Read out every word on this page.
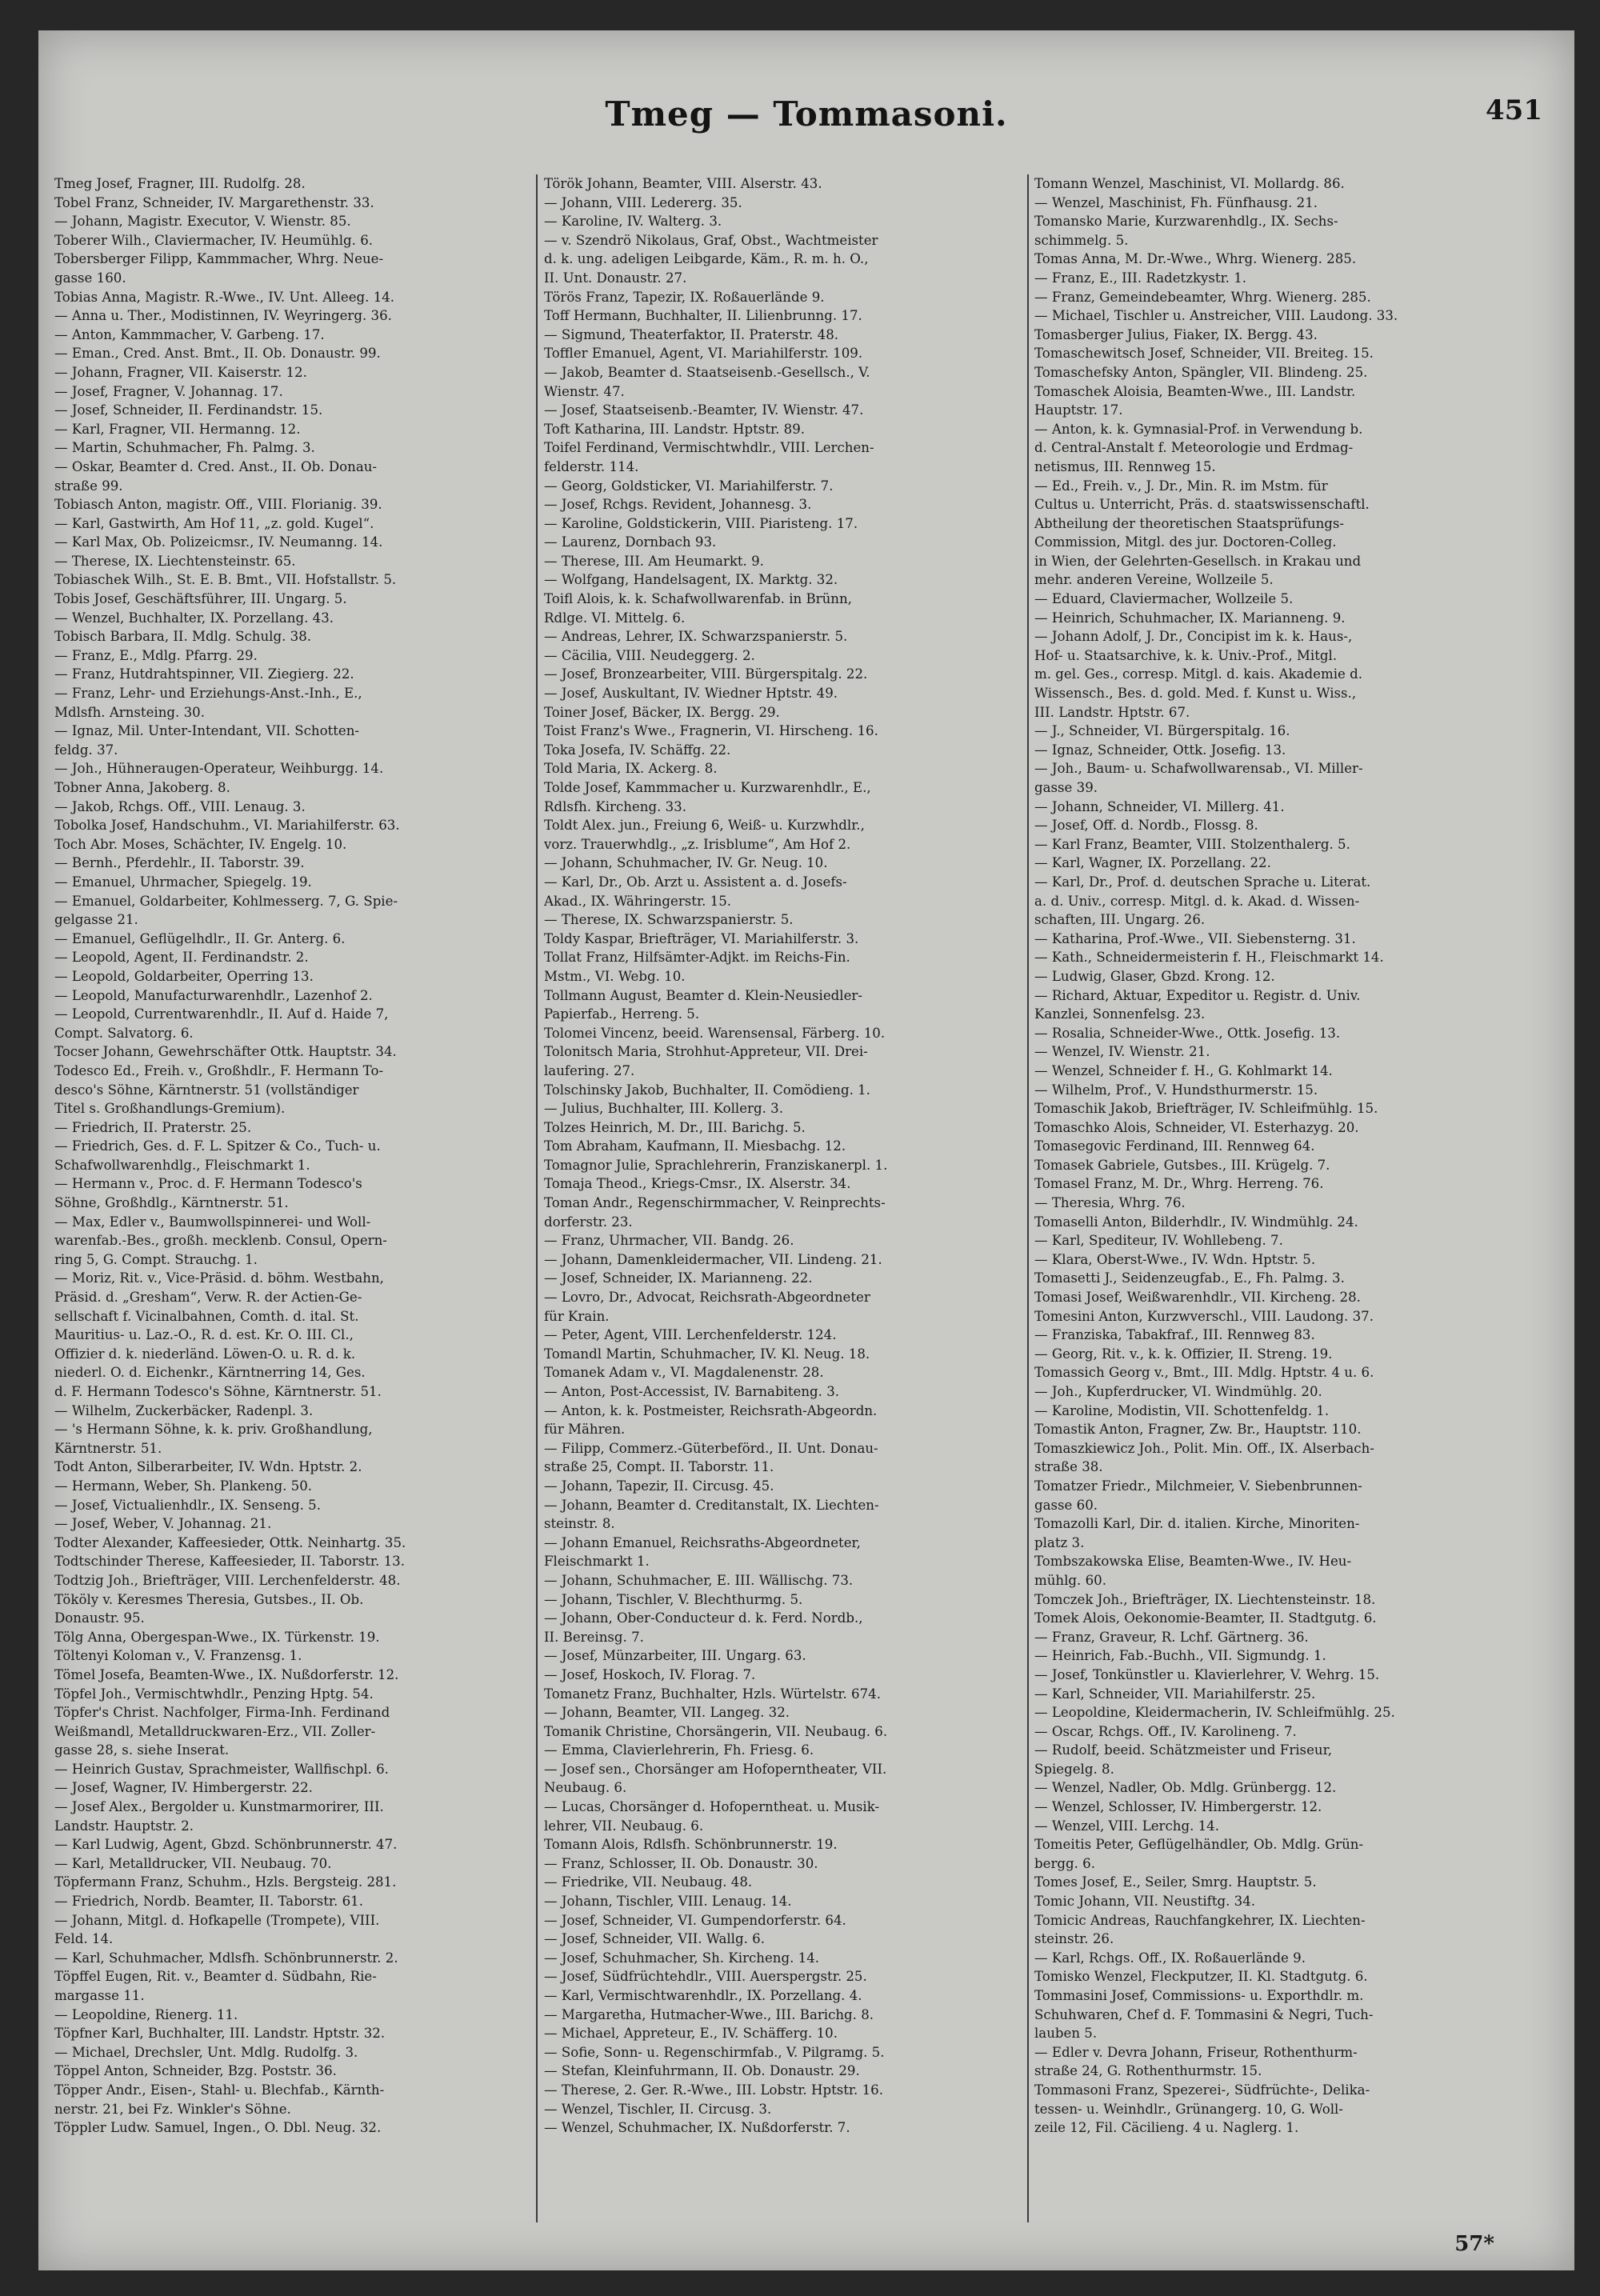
Tmeg — Tommasoni.	451
Tmeg Josef, Fragner, III. Rudolfg. 28.
Tobel Franz, Schneider, IV. Margarethenstr. 33.
— Johann, Magistr. Executor, V. Wienstr. 85.
Toberer Wilh., Claviermacher, IV. Heumühlg. 6.
Tobersberger Filipp, Kammmacher, Whrg. Neue-
gasse 160.
Tobias Anna, Magistr. R.-Wwe., IV. Unt. Alleeg. 14.
— Anna u. Ther., Modistinnen, IV. Weyringerg. 36.
— Anton, Kammmacher, V. Garbeng. 17.
— Eman., Cred. Anst. Bmt., II. Ob. Donaustr. 99.
— Johann, Fragner, VII. Kaiserstr. 12.
— Josef, Fragner, V. Johannag. 17.
— Josef, Schneider, II. Ferdinandstr. 15.
— Karl, Fragner, VII. Hermanng. 12.
— Martin, Schuhmacher, Fh. Palmg. 3.
— Oskar, Beamter d. Cred. Anst., II. Ob. Donau-
straße 99.
Tobiasch Anton, magistr. Off., VIII. Florianig. 39.
— Karl, Gastwirth, Am Hof 11, „z. gold. Kugel“.
— Karl Max, Ob. Polizeicmsr., IV. Neumanng. 14.
— Therese, IX. Liechtensteinstr. 65.
Tobiaschek Wilh., St. E. B. Bmt., VII. Hofstallstr. 5.
Tobis Josef, Geschäftsführer, III. Ungarg. 5.
— Wenzel, Buchhalter, IX. Porzellang. 43.
Tobisch Barbara, II. Mdlg. Schulg. 38.
— Franz, E., Mdlg. Pfarrg. 29.
— Franz, Hutdrahtspinner, VII. Ziegierg. 22.
— Franz, Lehr- und Erziehungs-Anst.-Inh., E.,
Mdlsfh. Arnsteing. 30.
— Ignaz, Mil. Unter-Intendant, VII. Schotten-
feldg. 37.
— Joh., Hühneraugen-Operateur, Weihburgg. 14.
Tobner Anna, Jakoberg. 8.
— Jakob, Rchgs. Off., VIII. Lenaug. 3.
Tobolka Josef, Handschuhm., VI. Mariahilferstr. 63.
Toch Abr. Moses, Schächter, IV. Engelg. 10.
— Bernh., Pferdehlr., II. Taborstr. 39.
— Emanuel, Uhrmacher, Spiegelg. 19.
— Emanuel, Goldarbeiter, Kohlmesserg. 7, G. Spie-
gelgasse 21.
— Emanuel, Geflügelhdlr., II. Gr. Anterg. 6.
— Leopold, Agent, II. Ferdinandstr. 2.
— Leopold, Goldarbeiter, Operring 13.
— Leopold, Manufacturwarenhdlr., Lazenhof 2.
— Leopold, Currentwarenhdlr., II. Auf d. Haide 7,
Compt. Salvatorg. 6.
Tocser Johann, Gewehrschäfter Ottk. Hauptstr. 34.
Todesco Ed., Freih. v., Großhdlr., F. Hermann To-
desco's Söhne, Kärntnerstr. 51 (vollständiger
Titel s. Großhandlungs-Gremium).
— Friedrich, II. Praterstr. 25.
— Friedrich, Ges. d. F. L. Spitzer & Co., Tuch- u.
Schafwollwarenhdlg., Fleischmarkt 1.
— Hermann v., Proc. d. F. Hermann Todesco's
Söhne, Großhdlg., Kärntnerstr. 51.
— Max, Edler v., Baumwollspinnerei- und Woll-
warenfab.-Bes., großh. mecklenb. Consul, Opern-
ring 5, G. Compt. Strauchg. 1.
— Moriz, Rit. v., Vice-Präsid. d. böhm. Westbahn,
Präsid. d. „Gresham“, Verw. R. der Actien-Ge-
sellschaft f. Vicinalbahnen, Comth. d. ital. St.
Mauritius- u. Laz.-O., R. d. est. Kr. O. III. Cl.,
Offizier d. k. niederländ. Löwen-O. u. R. d. k.
niederl. O. d. Eichenkr., Kärntnerring 14, Ges.
d. F. Hermann Todesco's Söhne, Kärntnerstr. 51.
— Wilhelm, Zuckerbäcker, Radenpl. 3.
— 's Hermann Söhne, k. k. priv. Großhandlung,
Kärntnerstr. 51.
Todt Anton, Silberarbeiter, IV. Wdn. Hptstr. 2.
— Hermann, Weber, Sh. Plankeng. 50.
— Josef, Victualienhdlr., IX. Senseng. 5.
— Josef, Weber, V. Johannag. 21.
Todter Alexander, Kaffeesieder, Ottk. Neinhartg. 35.
Todtschinder Therese, Kaffeesieder, II. Taborstr. 13.
Todtzig Joh., Briefträger, VIII. Lerchenfelderstr. 48.
Tököly v. Keresmes Theresia, Gutsbes., II. Ob.
Donaustr. 95.
Tölg Anna, Obergespan-Wwe., IX. Türkenstr. 19.
Töltenyi Koloman v., V. Franzensg. 1.
Tömel Josefa, Beamten-Wwe., IX. Nußdorferstr. 12.
Töpfel Joh., Vermischtwhdlr., Penzing Hptg. 54.
Töpfer's Christ. Nachfolger, Firma-Inh. Ferdinand
Weißmandl, Metalldruckwaren-Erz., VII. Zoller-
gasse 28, s. siehe Inserat.
— Heinrich Gustav, Sprachmeister, Wallfischpl. 6.
— Josef, Wagner, IV. Himbergerstr. 22.
— Josef Alex., Bergolder u. Kunstmarmorirer, III.
Landstr. Hauptstr. 2.
— Karl Ludwig, Agent, Gbzd. Schönbrunnerstr. 47.
— Karl, Metalldrucker, VII. Neubaug. 70.
Töpfermann Franz, Schuhm., Hzls. Bergsteig. 281.
— Friedrich, Nordb. Beamter, II. Taborstr. 61.
— Johann, Mitgl. d. Hofkapelle (Trompete), VIII.
Feld. 14.
— Karl, Schuhmacher, Mdlsfh. Schönbrunnerstr. 2.
Töpffel Eugen, Rit. v., Beamter d. Südbahn, Rie-
margasse 11.
— Leopoldine, Rienerg. 11.
Töpfner Karl, Buchhalter, III. Landstr. Hptstr. 32.
— Michael, Drechsler, Unt. Mdlg. Rudolfg. 3.
Töppel Anton, Schneider, Bzg. Poststr. 36.
Töpper Andr., Eisen-, Stahl- u. Blechfab., Kärnth-
nerstr. 21, bei Fz. Winkler's Söhne.
Töppler Ludw. Samuel, Ingen., O. Dbl. Neug. 32.
Török Johann, Beamter, VIII. Alserstr. 43.
— Johann, VIII. Ledererg. 35.
— Karoline, IV. Walterg. 3.
— v. Szendrö Nikolaus, Graf, Obst., Wachtmeister
d. k. ung. adeligen Leibgarde, Käm., R. m. h. O.,
II. Unt. Donaustr. 27.
Törös Franz, Tapezir, IX. Roßauerlände 9.
Toff Hermann, Buchhalter, II. Lilienbrunng. 17.
— Sigmund, Theaterfaktor, II. Praterstr. 48.
Toffler Emanuel, Agent, VI. Mariahilferstr. 109.
— Jakob, Beamter d. Staatseisenb.-Gesellsch., V.
Wienstr. 47.
— Josef, Staatseisenb.-Beamter, IV. Wienstr. 47.
Toft Katharina, III. Landstr. Hptstr. 89.
Toifel Ferdinand, Vermischtwhdlr., VIII. Lerchen-
felderstr. 114.
— Georg, Goldsticker, VI. Mariahilferstr. 7.
— Josef, Rchgs. Revident, Johannesg. 3.
— Karoline, Goldstickerin, VIII. Piaristeng. 17.
— Laurenz, Dornbach 93.
— Therese, III. Am Heumarkt. 9.
— Wolfgang, Handelsagent, IX. Marktg. 32.
Toifl Alois, k. k. Schafwollwarenfab. in Brünn,
Rdlge. VI. Mittelg. 6.
— Andreas, Lehrer, IX. Schwarzspanierstr. 5.
— Cäcilia, VIII. Neudeggerg. 2.
— Josef, Bronzearbeiter, VIII. Bürgerspitalg. 22.
— Josef, Auskultant, IV. Wiedner Hptstr. 49.
Toiner Josef, Bäcker, IX. Bergg. 29.
Toist Franz's Wwe., Fragnerin, VI. Hirscheng. 16.
Toka Josefa, IV. Schäffg. 22.
Told Maria, IX. Ackerg. 8.
Tolde Josef, Kammmacher u. Kurzwarenhdlr., E.,
Rdlsfh. Kircheng. 33.
Toldt Alex. jun., Freiung 6, Weiß- u. Kurzwhdlr.,
vorz. Trauerwhdlg., „z. Irisblume“, Am Hof 2.
— Johann, Schuhmacher, IV. Gr. Neug. 10.
— Karl, Dr., Ob. Arzt u. Assistent a. d. Josefs-
Akad., IX. Währingerstr. 15.
— Therese, IX. Schwarzspanierstr. 5.
Toldy Kaspar, Briefträger, VI. Mariahilferstr. 3.
Tollat Franz, Hilfsämter-Adjkt. im Reichs-Fin.
Mstm., VI. Webg. 10.
Tollmann August, Beamter d. Klein-Neusiedler-
Papierfab., Herreng. 5.
Tolomei Vincenz, beeid. Warensensal, Färberg. 10.
Tolonitsch Maria, Strohhut-Appreteur, VII. Drei-
laufering. 27.
Tolschinsky Jakob, Buchhalter, II. Comödieng. 1.
— Julius, Buchhalter, III. Kollerg. 3.
Tolzes Heinrich, M. Dr., III. Barichg. 5.
Tom Abraham, Kaufmann, II. Miesbachg. 12.
Tomagnor Julie, Sprachlehrerin, Franziskanerpl. 1.
Tomaja Theod., Kriegs-Cmsr., IX. Alserstr. 34.
Toman Andr., Regenschirmmacher, V. Reinprechts-
dorferstr. 23.
— Franz, Uhrmacher, VII. Bandg. 26.
— Johann, Damenkleidermacher, VII. Lindeng. 21.
— Josef, Schneider, IX. Marianneng. 22.
— Lovro, Dr., Advocat, Reichsrath-Abgeordneter
für Krain.
— Peter, Agent, VIII. Lerchenfelderstr. 124.
Tomandl Martin, Schuhmacher, IV. Kl. Neug. 18.
Tomanek Adam v., VI. Magdalenenstr. 28.
— Anton, Post-Accessist, IV. Barnabiteng. 3.
— Anton, k. k. Postmeister, Reichsrath-Abgeordn.
für Mähren.
— Filipp, Commerz.-Güterbeförd., II. Unt. Donau-
straße 25, Compt. II. Taborstr. 11.
— Johann, Tapezir, II. Circusg. 45.
— Johann, Beamter d. Creditanstalt, IX. Liechten-
steinstr. 8.
— Johann Emanuel, Reichsraths-Abgeordneter,
Fleischmarkt 1.
— Johann, Schuhmacher, E. III. Wällischg. 73.
— Johann, Tischler, V. Blechthurmg. 5.
— Johann, Ober-Conducteur d. k. Ferd. Nordb.,
II. Bereinsg. 7.
— Josef, Münzarbeiter, III. Ungarg. 63.
— Josef, Hoskoch, IV. Florag. 7.
Tomanetz Franz, Buchhalter, Hzls. Würtelstr. 674.
— Johann, Beamter, VII. Langeg. 32.
Tomanik Christine, Chorsängerin, VII. Neubaug. 6.
— Emma, Clavierlehrerin, Fh. Friesg. 6.
— Josef sen., Chorsänger am Hofoperntheater, VII.
Neubaug. 6.
— Lucas, Chorsänger d. Hofoperntheat. u. Musik-
lehrer, VII. Neubaug. 6.
Tomann Alois, Rdlsfh. Schönbrunnerstr. 19.
— Franz, Schlosser, II. Ob. Donaustr. 30.
— Friedrike, VII. Neubaug. 48.
— Johann, Tischler, VIII. Lenaug. 14.
— Josef, Schneider, VI. Gumpendorferstr. 64.
— Josef, Schneider, VII. Wallg. 6.
— Josef, Schuhmacher, Sh. Kircheng. 14.
— Josef, Südfrüchtehdlr., VIII. Auerspergstr. 25.
— Karl, Vermischtwarenhdlr., IX. Porzellang. 4.
— Margaretha, Hutmacher-Wwe., III. Barichg. 8.
— Michael, Appreteur, E., IV. Schäfferg. 10.
— Sofie, Sonn- u. Regenschirmfab., V. Pilgramg. 5.
— Stefan, Kleinfuhrmann, II. Ob. Donaustr. 29.
— Therese, 2. Ger. R.-Wwe., III. Lobstr. Hptstr. 16.
— Wenzel, Tischler, II. Circusg. 3.
— Wenzel, Schuhmacher, IX. Nußdorferstr. 7.
Tomann Wenzel, Maschinist, VI. Mollardg. 86.
— Wenzel, Maschinist, Fh. Fünfhausg. 21.
Tomansko Marie, Kurzwarenhdlg., IX. Sechs-
schimmelg. 5.
Tomas Anna, M. Dr.-Wwe., Whrg. Wienerg. 285.
— Franz, E., III. Radetzkystr. 1.
— Franz, Gemeindebeamter, Whrg. Wienerg. 285.
— Michael, Tischler u. Anstreicher, VIII. Laudong. 33.
Tomasberger Julius, Fiaker, IX. Bergg. 43.
Tomaschewitsch Josef, Schneider, VII. Breiteg. 15.
Tomaschefsky Anton, Spängler, VII. Blindeng. 25.
Tomaschek Aloisia, Beamten-Wwe., III. Landstr.
Hauptstr. 17.
— Anton, k. k. Gymnasial-Prof. in Verwendung b.
d. Central-Anstalt f. Meteorologie und Erdmag-
netismus, III. Rennweg 15.
— Ed., Freih. v., J. Dr., Min. R. im Mstm. für
Cultus u. Unterricht, Präs. d. staatswissenschaftl.
Abtheilung der theoretischen Staatsprüfungs-
Commission, Mitgl. des jur. Doctoren-Colleg.
in Wien, der Gelehrten-Gesellsch. in Krakau und
mehr. anderen Vereine, Wollzeile 5.
— Eduard, Claviermacher, Wollzeile 5.
— Heinrich, Schuhmacher, IX. Marianneng. 9.
— Johann Adolf, J. Dr., Concipist im k. k. Haus-,
Hof- u. Staatsarchive, k. k. Univ.-Prof., Mitgl.
m. gel. Ges., corresp. Mitgl. d. kais. Akademie d.
Wissensch., Bes. d. gold. Med. f. Kunst u. Wiss.,
III. Landstr. Hptstr. 67.
— J., Schneider, VI. Bürgerspitalg. 16.
— Ignaz, Schneider, Ottk. Josefig. 13.
— Joh., Baum- u. Schafwollwarensab., VI. Miller-
gasse 39.
— Johann, Schneider, VI. Millerg. 41.
— Josef, Off. d. Nordb., Flossg. 8.
— Karl Franz, Beamter, VIII. Stolzenthalerg. 5.
— Karl, Wagner, IX. Porzellang. 22.
— Karl, Dr., Prof. d. deutschen Sprache u. Literat.
a. d. Univ., corresp. Mitgl. d. k. Akad. d. Wissen-
schaften, III. Ungarg. 26.
— Katharina, Prof.-Wwe., VII. Siebensterng. 31.
— Kath., Schneidermeisterin f. H., Fleischmarkt 14.
— Ludwig, Glaser, Gbzd. Krong. 12.
— Richard, Aktuar, Expeditor u. Registr. d. Univ.
Kanzlei, Sonnenfelsg. 23.
— Rosalia, Schneider-Wwe., Ottk. Josefig. 13.
— Wenzel, IV. Wienstr. 21.
— Wenzel, Schneider f. H., G. Kohlmarkt 14.
— Wilhelm, Prof., V. Hundsthurmerstr. 15.
Tomaschik Jakob, Briefträger, IV. Schleifmühlg. 15.
Tomaschko Alois, Schneider, VI. Esterhazyg. 20.
Tomasegovic Ferdinand, III. Rennweg 64.
Tomasek Gabriele, Gutsbes., III. Krügelg. 7.
Tomasel Franz, M. Dr., Whrg. Herreng. 76.
— Theresia, Whrg. 76.
Tomaselli Anton, Bilderhdlr., IV. Windmühlg. 24.
— Karl, Spediteur, IV. Wohllebeng. 7.
— Klara, Oberst-Wwe., IV. Wdn. Hptstr. 5.
Tomasetti J., Seidenzeugfab., E., Fh. Palmg. 3.
Tomasi Josef, Weißwarenhdlr., VII. Kircheng. 28.
Tomesini Anton, Kurzwverschl., VIII. Laudong. 37.
— Franziska, Tabakfraf., III. Rennweg 83.
— Georg, Rit. v., k. k. Offizier, II. Streng. 19.
Tomassich Georg v., Bmt., III. Mdlg. Hptstr. 4 u. 6.
— Joh., Kupferdrucker, VI. Windmühlg. 20.
— Karoline, Modistin, VII. Schottenfeldg. 1.
Tomastik Anton, Fragner, Zw. Br., Hauptstr. 110.
Tomaszkiewicz Joh., Polit. Min. Off., IX. Alserbach-
straße 38.
Tomatzer Friedr., Milchmeier, V. Siebenbrunnen-
gasse 60.
Tomazolli Karl, Dir. d. italien. Kirche, Minoriten-
platz 3.
Tombszakowska Elise, Beamten-Wwe., IV. Heu-
mühlg. 60.
Tomczek Joh., Briefträger, IX. Liechtensteinstr. 18.
Tomek Alois, Oekonomie-Beamter, II. Stadtgutg. 6.
— Franz, Graveur, R. Lchf. Gärtnerg. 36.
— Heinrich, Fab.-Buchh., VII. Sigmundg. 1.
— Josef, Tonkünstler u. Klavierlehrer, V. Wehrg. 15.
— Karl, Schneider, VII. Mariahilferstr. 25.
— Leopoldine, Kleidermacherin, IV. Schleifmühlg. 25.
— Oscar, Rchgs. Off., IV. Karolineng. 7.
— Rudolf, beeid. Schätzmeister und Friseur,
Spiegelg. 8.
— Wenzel, Nadler, Ob. Mdlg. Grünbergg. 12.
— Wenzel, Schlosser, IV. Himbergerstr. 12.
— Wenzel, VIII. Lerchg. 14.
Tomeitis Peter, Geflügelhändler, Ob. Mdlg. Grün-
bergg. 6.
Tomes Josef, E., Seiler, Smrg. Hauptstr. 5.
Tomic Johann, VII. Neustiftg. 34.
Tomicic Andreas, Rauchfangkehrer, IX. Liechten-
steinstr. 26.
— Karl, Rchgs. Off., IX. Roßauerlände 9.
Tomisko Wenzel, Fleckputzer, II. Kl. Stadtgutg. 6.
Tommasini Josef, Commissions- u. Exporthdlr. m.
Schuhwaren, Chef d. F. Tommasini & Negri, Tuch-
lauben 5.
— Edler v. Devra Johann, Friseur, Rothenthurm-
straße 24, G. Rothenthurmstr. 15.
Tommasoni Franz, Spezerei-, Südfrüchte-, Delika-
tessen- u. Weinhdlr., Grünangerg. 10, G. Woll-
zeile 12, Fil. Cäcilieng. 4 u. Naglerg. 1.
57*
